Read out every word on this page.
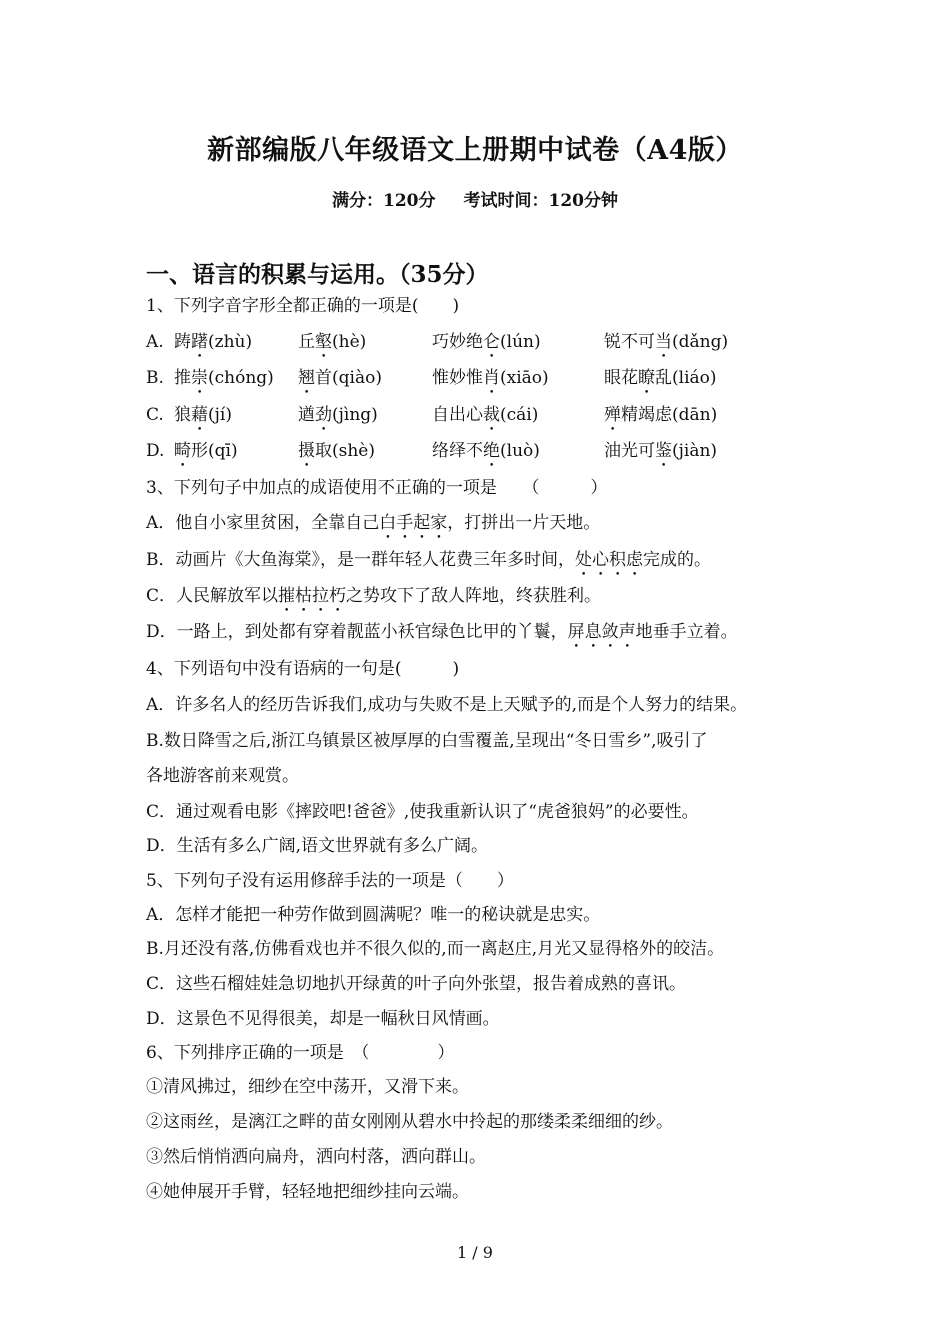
新部编版八年级语文上册期中试卷（A4版）
满分：120分 考试时间：120分钟
一、语言的积累与运用。（35分）
1、下列字音字形全都正确的一项是(　　)
A. 踌躇(zhù)	丘壑(hè)	巧妙绝仑(lún)	锐不可当(dǎng)
B. 推崇(chóng) 翘首(qiào)	惟妙惟肖(xiāo)	眼花瞭乱(liáo)
C. 狼藉(jí)	遒劲(jìng)	自出心裁(cái)	殚精竭虑(dān)
D. 畸形(qī)	摄取(shè)	络绎不绝(luò)	油光可鉴(jiàn)
3、下列句子中加点的成语使用不正确的一项是　　（　　　）
A．他自小家里贫困，全靠自己白手起家，打拼出一片天地。
B．动画片《大鱼海棠》，是一群年轻人花费三年多时间，处心积虑完成的。
C．人民解放军以摧枯拉朽之势攻下了敌人阵地，终获胜利。
D．一路上，到处都有穿着靓蓝小袄官绿色比甲的丫鬟，屏息敛声地垂手立着。
4、下列语句中没有语病的一句是(　　　)
A．许多名人的经历告诉我们,成功与失败不是上天赋予的,而是个人努力的结果。
B.数日降雪之后,浙江乌镇景区被厚厚的白雪覆盖,呈现出“冬日雪乡”,吸引了
各地游客前来观赏。
C．通过观看电影《摔跤吧!爸爸》,使我重新认识了“虎爸狼妈”的必要性。
D．生活有多么广阔,语文世界就有多么广阔。
5、下列句子没有运用修辞手法的一项是（　　）
A．怎样才能把一种劳作做到圆满呢？唯一的秘诀就是忠实。
B.月还没有落,仿佛看戏也并不很久似的,而一离赵庄,月光又显得格外的皎洁。
C．这些石榴娃娃急切地扒开绿黄的叶子向外张望，报告着成熟的喜讯。
D．这景色不见得很美，却是一幅秋日风情画。
6、下列排序正确的一项是　（　　　　）
①清风拂过，细纱在空中荡开，又滑下来。
②这雨丝，是漓江之畔的苗女刚刚从碧水中拎起的那缕柔柔细细的纱。
③然后悄悄洒向扁舟，洒向村落，洒向群山。
④她伸展开手臂，轻轻地把细纱挂向云端。
1 / 9
